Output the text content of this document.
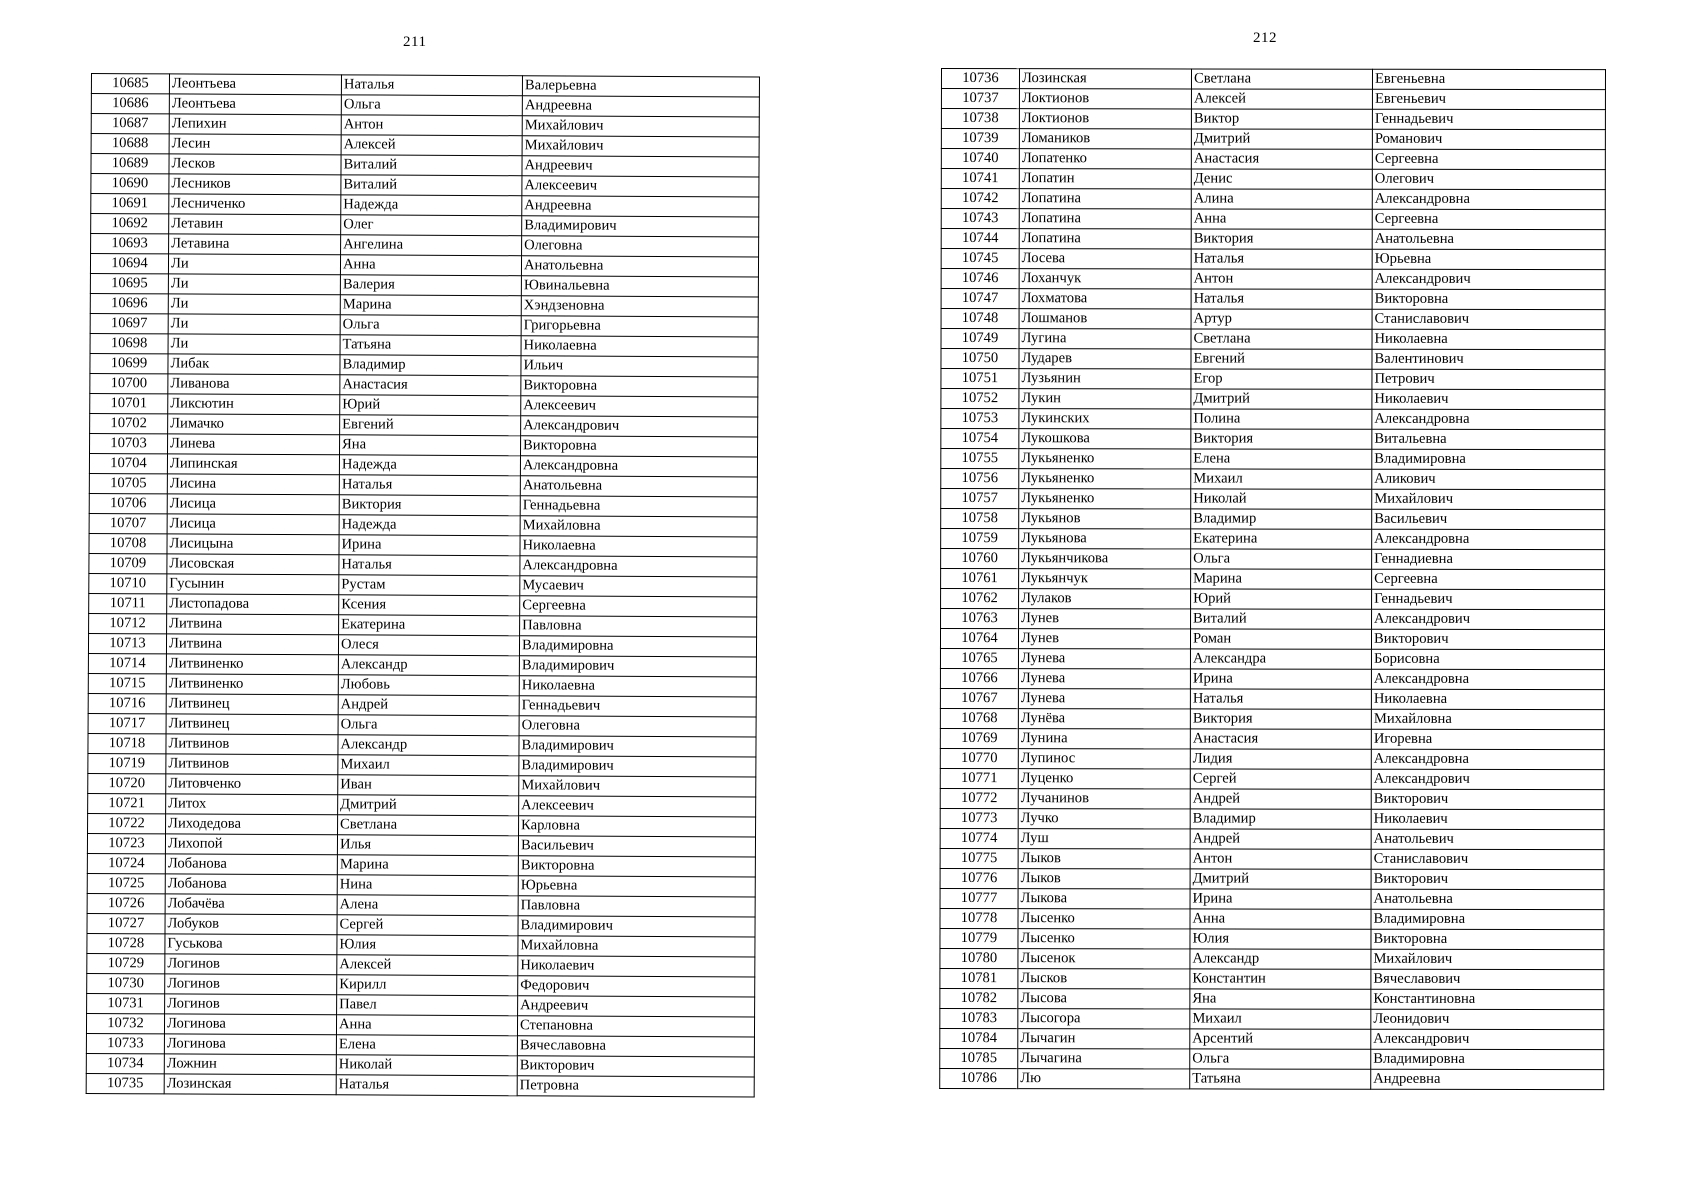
211	212
10685	Леонтьева	Наталья	Валерьевна
10686	Леонтьева	Ольга	Андреевна
10687	Лепихин	Антон	Михайлович
10688	Лесин	Алексей	Михайлович
10689	Лесков	Виталий	Андреевич
10690	Лесников	Виталий	Алексеевич
10691	Лесниченко	Надежда	Андреевна
10692	Летавин	Олег	Владимирович
10693	Летавина	Ангелина	Олеговна
10694	Ли	Анна	Анатольевна
10695	Ли	Валерия	Ювинальевна
10696	Ли	Марина	Хэндзеновна
10697	Ли	Ольга	Григорьевна
10698	Ли	Татьяна	Николаевна
10699	Либак	Владимир	Ильич
10700	Ливанова	Анастасия	Викторовна
10701	Ликсютин	Юрий	Алексеевич
10702	Лимачко	Евгений	Александрович
10703	Линева	Яна	Викторовна
10704	Липинская	Надежда	Александровна
10705	Лисина	Наталья	Анатольевна
10706	Лисица	Виктория	Геннадьевна
10707	Лисица	Надежда	Михайловна
10708	Лисицына	Ирина	Николаевна
10709	Лисовская	Наталья	Александровна
10710	Гусынин	Рустам	Мусаевич
10711	Листопадова	Ксения	Сергеевна
10712	Литвина	Екатерина	Павловна
10713	Литвина	Олеся	Владимировна
10714	Литвиненко	Александр	Владимирович
10715	Литвиненко	Любовь	Николаевна
10716	Литвинец	Андрей	Геннадьевич
10717	Литвинец	Ольга	Олеговна
10718	Литвинов	Александр	Владимирович
10719	Литвинов	Михаил	Владимирович
10720	Литовченко	Иван	Михайлович
10721	Литох	Дмитрий	Алексеевич
10722	Лиходедова	Светлана	Карловна
10723	Лихопой	Илья	Васильевич
10724	Лобанова	Марина	Викторовна
10725	Лобанова	Нина	Юрьевна
10726	Лобачёва	Алена	Павловна
10727	Лобуков	Сергей	Владимирович
10728	Гуськова	Юлия	Михайловна
10729	Логинов	Алексей	Николаевич
10730	Логинов	Кирилл	Федорович
10731	Логинов	Павел	Андреевич
10732	Логинова	Анна	Степановна
10733	Логинова	Елена	Вячеславовна
10734	Ложнин	Николай	Викторович
10735	Лозинская	Наталья	Петровна
10736	Лозинская	Светлана	Евгеньевна
10737	Локтионов	Алексей	Евгеньевич
10738	Локтионов	Виктор	Геннадьевич
10739	Ломаников	Дмитрий	Романович
10740	Лопатенко	Анастасия	Сергеевна
10741	Лопатин	Денис	Олегович
10742	Лопатина	Алина	Александровна
10743	Лопатина	Анна	Сергеевна
10744	Лопатина	Виктория	Анатольевна
10745	Лосева	Наталья	Юрьевна
10746	Лоханчук	Антон	Александрович
10747	Лохматова	Наталья	Викторовна
10748	Лошманов	Артур	Станиславович
10749	Лугина	Светлана	Николаевна
10750	Лударев	Евгений	Валентинович
10751	Лузьянин	Егор	Петрович
10752	Лукин	Дмитрий	Николаевич
10753	Лукинских	Полина	Александровна
10754	Лукошкова	Виктория	Витальевна
10755	Лукьяненко	Елена	Владимировна
10756	Лукьяненко	Михаил	Аликович
10757	Лукьяненко	Николай	Михайлович
10758	Лукьянов	Владимир	Васильевич
10759	Лукьянова	Екатерина	Александровна
10760	Лукьянчикова	Ольга	Геннадиевна
10761	Лукьянчук	Марина	Сергеевна
10762	Лулаков	Юрий	Геннадьевич
10763	Лунев	Виталий	Александрович
10764	Лунев	Роман	Викторович
10765	Лунева	Александра	Борисовна
10766	Лунева	Ирина	Александровна
10767	Лунева	Наталья	Николаевна
10768	Лунёва	Виктория	Михайловна
10769	Лунина	Анастасия	Игоревна
10770	Лупинос	Лидия	Александровна
10771	Луценко	Сергей	Александрович
10772	Лучанинов	Андрей	Викторович
10773	Лучко	Владимир	Николаевич
10774	Луш	Андрей	Анатольевич
10775	Лыков	Антон	Станиславович
10776	Лыков	Дмитрий	Викторович
10777	Лыкова	Ирина	Анатольевна
10778	Лысенко	Анна	Владимировна
10779	Лысенко	Юлия	Викторовна
10780	Лысенок	Александр	Михайлович
10781	Лысков	Константин	Вячеславович
10782	Лысова	Яна	Константиновна
10783	Лысогора	Михаил	Леонидович
10784	Лычагин	Арсентий	Александрович
10785	Лычагина	Ольга	Владимировна
10786	Лю	Татьяна	Андреевна
